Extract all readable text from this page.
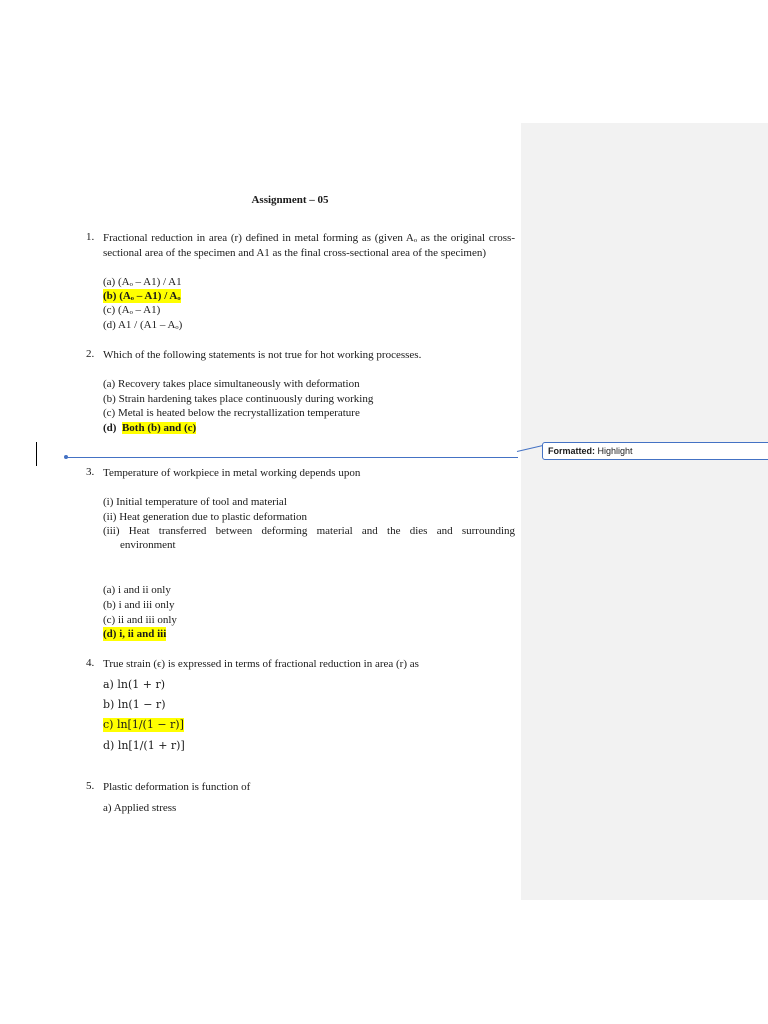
Assignment – 05
1. Fractional reduction in area (r) defined in metal forming as (given Aₒ as the original cross-sectional area of the specimen and A1 as the final cross-sectional area of the specimen)
(a) (Aₒ – A1) / A1
(b) (Aₒ – A1) / Aₒ
(c) (Aₒ – A1)
(d) A1 / (A1 – Aₒ)
2. Which of the following statements is not true for hot working processes.
(a) Recovery takes place simultaneously with deformation
(b) Strain hardening takes place continuously during working
(c) Metal is heated below the recrystallization temperature
(d) Both (b) and (c)
Formatted: Highlight
3. Temperature of workpiece in metal working depends upon
(i) Initial temperature of tool and material
(ii) Heat generation due to plastic deformation
(iii) Heat transferred between deforming material and the dies and surrounding
environment
(a) i and ii only
(b) i and iii only
(c) ii and iii only
(d) i, ii and iii
4. True strain (ϵ) is expressed in terms of fractional reduction in area (r) as
a) ln(1 + r)
b) ln(1 − r)
c) ln[1/(1 − r)]
d) ln[1/(1 + r)]
5. Plastic deformation is function of
a) Applied stress
